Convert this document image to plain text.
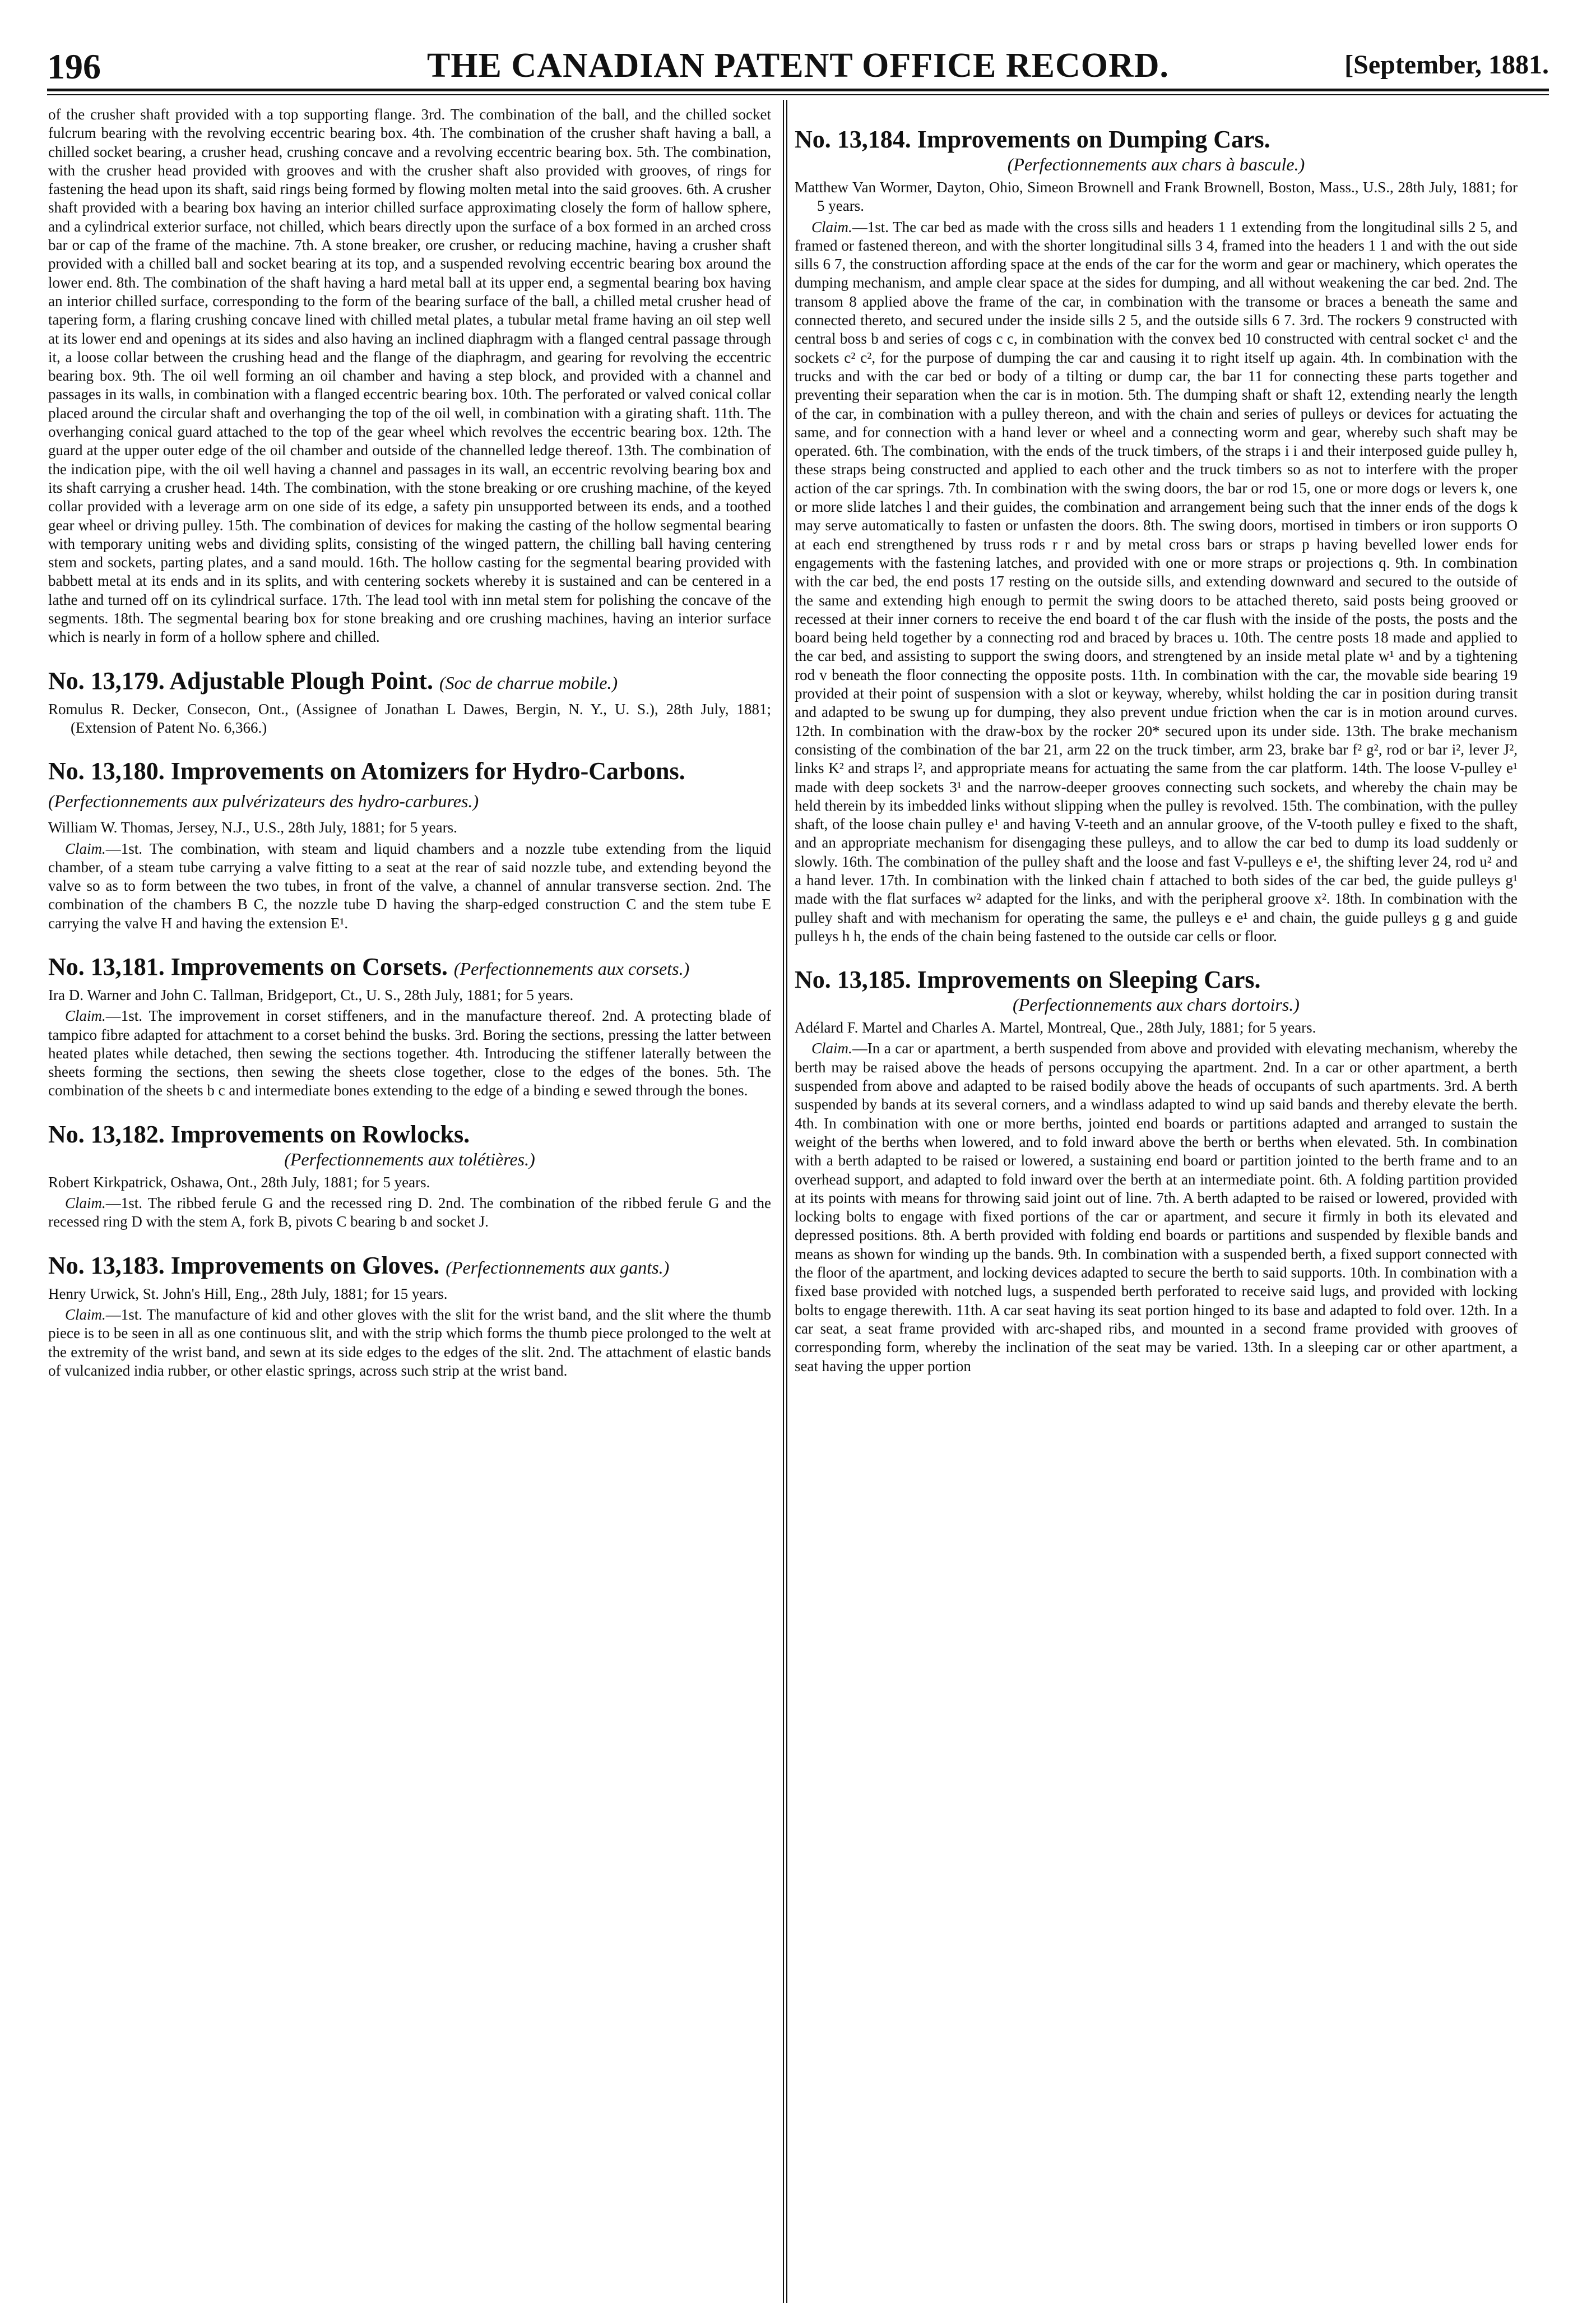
196	THE CANADIAN PATENT OFFICE RECORD.	[September, 1881.

of the crusher shaft provided with a top supporting flange. 3rd. The combination of the ball, and the chilled socket fulcrum bearing with the revolving eccentric bearing box. 4th. The combination of the crusher shaft having a ball, a chilled socket bearing, a crusher head, crushing concave and a revolving eccentric bearing box. 5th. The combination, with the crusher head provided with grooves and with the crusher shaft also provided with grooves, of rings for fastening the head upon its shaft, said rings being formed by flowing molten metal into the said grooves. 6th. A crusher shaft provided with a bearing box having an interior chilled surface approximating closely the form of hallow sphere, and a cylindrical exterior surface, not chilled, which bears directly upon the surface of a box formed in an arched cross bar or cap of the frame of the machine. 7th. A stone breaker, ore crusher, or reducing machine, having a crusher shaft provided with a chilled ball and socket bearing at its top, and a suspended revolving eccentric bearing box around the lower end. 8th. The combination of the shaft having a hard metal ball at its upper end, a segmental bearing box having an interior chilled surface, corresponding to the form of the bearing surface of the ball, a chilled metal crusher head of tapering form, a flaring crushing concave lined with chilled metal plates, a tubular metal frame having an oil step well at its lower end and openings at its sides and also having an inclined diaphragm with a flanged central passage through it, a loose collar between the crushing head and the flange of the diaphragm, and gearing for revolving the eccentric bearing box. 9th. The oil well forming an oil chamber and having a step block, and provided with a channel and passages in its walls, in combination with a flanged eccentric bearing box. 10th. The perforated or valved conical collar placed around the circular shaft and overhanging the top of the oil well, in combination with a girating shaft. 11th. The overhanging conical guard attached to the top of the gear wheel which revolves the eccentric bearing box. 12th. The guard at the upper outer edge of the oil chamber and outside of the channelled ledge thereof. 13th. The combination of the indication pipe, with the oil well having a channel and passages in its wall, an eccentric revolving bearing box and its shaft carrying a crusher head. 14th. The combination, with the stone breaking or ore crushing machine, of the keyed collar provided with a leverage arm on one side of its edge, a safety pin unsupported between its ends, and a toothed gear wheel or driving pulley. 15th. The combination of devices for making the casting of the hollow segmental bearing with temporary uniting webs and dividing splits, consisting of the winged pattern, the chilling ball having centering stem and sockets, parting plates, and a sand mould. 16th. The hollow casting for the segmental bearing provided with babbett metal at its ends and in its splits, and with centering sockets whereby it is sustained and can be centered in a lathe and turned off on its cylindrical surface. 17th. The lead tool with inn metal stem for polishing the concave of the segments. 18th. The segmental bearing box for stone breaking and ore crushing machines, having an interior surface which is nearly in form of a hollow sphere and chilled.

No. 13,179. Adjustable Plough Point. (Soc de charrue mobile.)

Romulus R. Decker, Consecon, Ont., (Assignee of Jonathan L Dawes, Bergin, N. Y., U. S.), 28th July, 1881; (Extension of Patent No. 6,366.)

No. 13,180. Improvements on Atomizers for Hydro-Carbons. (Perfectionnements aux pulvérizateurs des hydro-carbures.)

William W. Thomas, Jersey, N.J., U.S., 28th July, 1881; for 5 years.

Claim.—1st. The combination, with steam and liquid chambers and a nozzle tube extending from the liquid chamber, of a steam tube carrying a valve fitting to a seat at the rear of said nozzle tube, and extending beyond the valve so as to form between the two tubes, in front of the valve, a channel of annular transverse section. 2nd. The combination of the chambers B C, the nozzle tube D having the sharp-edged construction C and the stem tube E carrying the valve H and having the extension E¹.

No. 13,181. Improvements on Corsets. (Perfectionnements aux corsets.)

Ira D. Warner and John C. Tallman, Bridgeport, Ct., U. S., 28th July, 1881; for 5 years.

Claim.—1st. The improvement in corset stiffeners, and in the manufacture thereof. 2nd. A protecting blade of tampico fibre adapted for attachment to a corset behind the busks. 3rd. Boring the sections, pressing the latter between heated plates while detached, then sewing the sections together. 4th. Introducing the stiffener laterally between the sheets forming the sections, then sewing the sheets close together, close to the edges of the bones. 5th. The combination of the sheets b c and intermediate bones extending to the edge of a binding e sewed through the bones.

No. 13,182. Improvements on Rowlocks.

(Perfectionnements aux tolétières.)

Robert Kirkpatrick, Oshawa, Ont., 28th July, 1881; for 5 years.

Claim.—1st. The ribbed ferule G and the recessed ring D. 2nd. The combination of the ribbed ferule G and the recessed ring D with the stem A, fork B, pivots C bearing b and socket J.

No. 13,183. Improvements on Gloves. (Perfectionnements aux gants.)

Henry Urwick, St. John's Hill, Eng., 28th July, 1881; for 15 years.

Claim.—1st. The manufacture of kid and other gloves with the slit for the wrist band, and the slit where the thumb piece is to be seen in all as one continuous slit, and with the strip which forms the thumb piece prolonged to the welt at the extremity of the wrist band, and sewn at its side edges to the edges of the slit. 2nd. The attachment of elastic bands of vulcanized india rubber, or other elastic springs, across such strip at the wrist band.

No. 13,184. Improvements on Dumping Cars.

(Perfectionnements aux chars à bascule.)

Matthew Van Wormer, Dayton, Ohio, Simeon Brownell and Frank Brownell, Boston, Mass., U.S., 28th July, 1881; for 5 years.

Claim.—1st. The car bed as made with the cross sills and headers 1 1 extending from the longitudinal sills 2 5, and framed or fastened thereon, and with the shorter longitudinal sills 3 4, framed into the headers 1 1 and with the out side sills 6 7, the construction affording space at the ends of the car for the worm and gear or machinery, which operates the dumping mechanism, and ample clear space at the sides for dumping, and all without weakening the car bed. 2nd. The transom 8 applied above the frame of the car, in combination with the transome or braces a beneath the same and connected thereto, and secured under the inside sills 2 5, and the outside sills 6 7. 3rd. The rockers 9 constructed with central boss b and series of cogs c c, in combination with the convex bed 10 constructed with central socket c¹ and the sockets c² c², for the purpose of dumping the car and causing it to right itself up again. 4th. In combination with the trucks and with the car bed or body of a tilting or dump car, the bar 11 for connecting these parts together and preventing their separation when the car is in motion. 5th. The dumping shaft or shaft 12, extending nearly the length of the car, in combination with a pulley thereon, and with the chain and series of pulleys or devices for actuating the same, and for connection with a hand lever or wheel and a connecting worm and gear, whereby such shaft may be operated. 6th. The combination, with the ends of the truck timbers, of the straps i i and their interposed guide pulley h, these straps being constructed and applied to each other and the truck timbers so as not to interfere with the proper action of the car springs. 7th. In combination with the swing doors, the bar or rod 15, one or more dogs or levers k, one or more slide latches l and their guides, the combination and arrangement being such that the inner ends of the dogs k may serve automatically to fasten or unfasten the doors. 8th. The swing doors, mortised in timbers or iron supports O at each end strengthened by truss rods r r and by metal cross bars or straps p having bevelled lower ends for engagements with the fastening latches, and provided with one or more straps or projections q. 9th. In combination with the car bed, the end posts 17 resting on the outside sills, and extending downward and secured to the outside of the same and extending high enough to permit the swing doors to be attached thereto, said posts being grooved or recessed at their inner corners to receive the end board t of the car flush with the inside of the posts, the posts and the board being held together by a connecting rod and braced by braces u. 10th. The centre posts 18 made and applied to the car bed, and assisting to support the swing doors, and strengtened by an inside metal plate w¹ and by a tightening rod v beneath the floor connecting the opposite posts. 11th. In combination with the car, the movable side bearing 19 provided at their point of suspension with a slot or keyway, whereby, whilst holding the car in position during transit and adapted to be swung up for dumping, they also prevent undue friction when the car is in motion around curves. 12th. In combination with the draw-box by the rocker 20* secured upon its under side. 13th. The brake mechanism consisting of the combination of the bar 21, arm 22 on the truck timber, arm 23, brake bar f² g², rod or bar i², lever J², links K² and straps l², and appropriate means for actuating the same from the car platform. 14th. The loose V-pulley e¹ made with deep sockets 3¹ and the narrow-deeper grooves connecting such sockets, and whereby the chain may be held therein by its imbedded links without slipping when the pulley is revolved. 15th. The combination, with the pulley shaft, of the loose chain pulley e¹ and having V-teeth and an annular groove, of the V-tooth pulley e fixed to the shaft, and an appropriate mechanism for disengaging these pulleys, and to allow the car bed to dump its load suddenly or slowly. 16th. The combination of the pulley shaft and the loose and fast V-pulleys e e¹, the shifting lever 24, rod u² and a hand lever. 17th. In combination with the linked chain f attached to both sides of the car bed, the guide pulleys g¹ made with the flat surfaces w² adapted for the links, and with the peripheral groove x². 18th. In combination with the pulley shaft and with mechanism for operating the same, the pulleys e e¹ and chain, the guide pulleys g g and guide pulleys h h, the ends of the chain being fastened to the outside car cells or floor.

No. 13,185. Improvements on Sleeping Cars.

(Perfectionnements aux chars dortoirs.)

Adélard F. Martel and Charles A. Martel, Montreal, Que., 28th July, 1881; for 5 years.

Claim.—In a car or apartment, a berth suspended from above and provided with elevating mechanism, whereby the berth may be raised above the heads of persons occupying the apartment. 2nd. In a car or other apartment, a berth suspended from above and adapted to be raised bodily above the heads of occupants of such apartments. 3rd. A berth suspended by bands at its several corners, and a windlass adapted to wind up said bands and thereby elevate the berth. 4th. In combination with one or more berths, jointed end boards or partitions adapted and arranged to sustain the weight of the berths when lowered, and to fold inward above the berth or berths when elevated. 5th. In combination with a berth adapted to be raised or lowered, a sustaining end board or partition jointed to the berth frame and to an overhead support, and adapted to fold inward over the berth at an intermediate point. 6th. A folding partition provided at its points with means for throwing said joint out of line. 7th. A berth adapted to be raised or lowered, provided with locking bolts to engage with fixed portions of the car or apartment, and secure it firmly in both its elevated and depressed positions. 8th. A berth provided with folding end boards or partitions and suspended by flexible bands and means as shown for winding up the bands. 9th. In combination with a suspended berth, a fixed support connected with the floor of the apartment, and locking devices adapted to secure the berth to said supports. 10th. In combination with a fixed base provided with notched lugs, a suspended berth perforated to receive said lugs, and provided with locking bolts to engage therewith. 11th. A car seat having its seat portion hinged to its base and adapted to fold over. 12th. In a car seat, a seat frame provided with arc-shaped ribs, and mounted in a second frame provided with grooves of corresponding form, whereby the inclination of the seat may be varied. 13th. In a sleeping car or other apartment, a seat having the upper portion
